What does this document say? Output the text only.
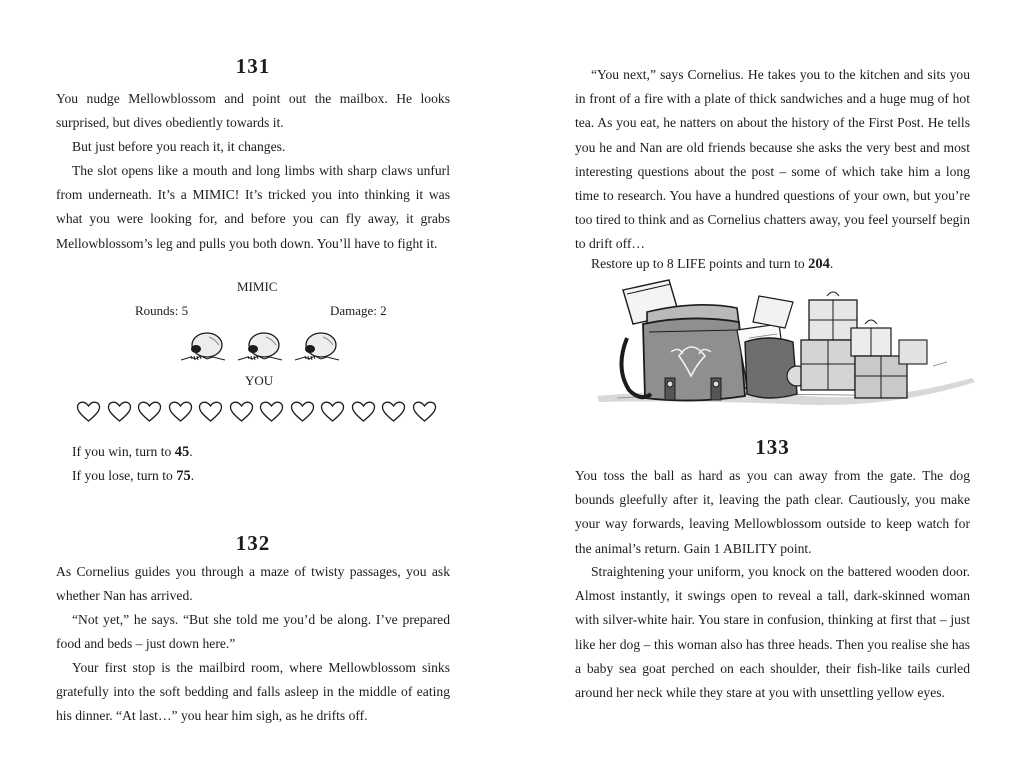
131

You nudge Mellowblossom and point out the mailbox. He looks surprised, but dives obediently towards it.

But just before you reach it, it changes.

The slot opens like a mouth and long limbs with sharp claws unfurl from underneath. It’s a MIMIC! It’s tricked you into thinking it was what you were looking for, and before you can fly away, it grabs Mellowblossom’s leg and pulls you both down. You’ll have to fight it.

MIMIC

Rounds: 5	Damage: 2

YOU

If you win, turn to 45.

If you lose, turn to 75.

132

As Cornelius guides you through a maze of twisty passages, you ask whether Nan has arrived.

“Not yet,” he says. “But she told me you’d be along. I’ve prepared food and beds – just down here.”

Your first stop is the mailbird room, where Mellowblossom sinks gratefully into the soft bedding and falls asleep in the middle of eating his dinner. “At last…” you hear him sigh, as he drifts off.

“You next,” says Cornelius. He takes you to the kitchen and sits you in front of a fire with a plate of thick sandwiches and a huge mug of hot tea. As you eat, he natters on about the history of the First Post. He tells you he and Nan are old friends because she asks the very best and most interesting questions about the post – some of which take him a long time to research. You have a hundred questions of your own, but you’re too tired to think and as Cornelius chatters away, you feel yourself begin to drift off…

Restore up to 8 LIFE points and turn to 204.

133

You toss the ball as hard as you can away from the gate. The dog bounds gleefully after it, leaving the path clear. Cautiously, you make your way forwards, leaving Mellowblossom outside to keep watch for the animal’s return. Gain 1 ABILITY point.

Straightening your uniform, you knock on the battered wooden door. Almost instantly, it swings open to reveal a tall, dark-skinned woman with silver-white hair. You stare in confusion, thinking at first that – just like her dog – this woman also has three heads. Then you realise she has a baby sea goat perched on each shoulder, their fish-like tails curled around her neck while they stare at you with unsettling yellow eyes.
